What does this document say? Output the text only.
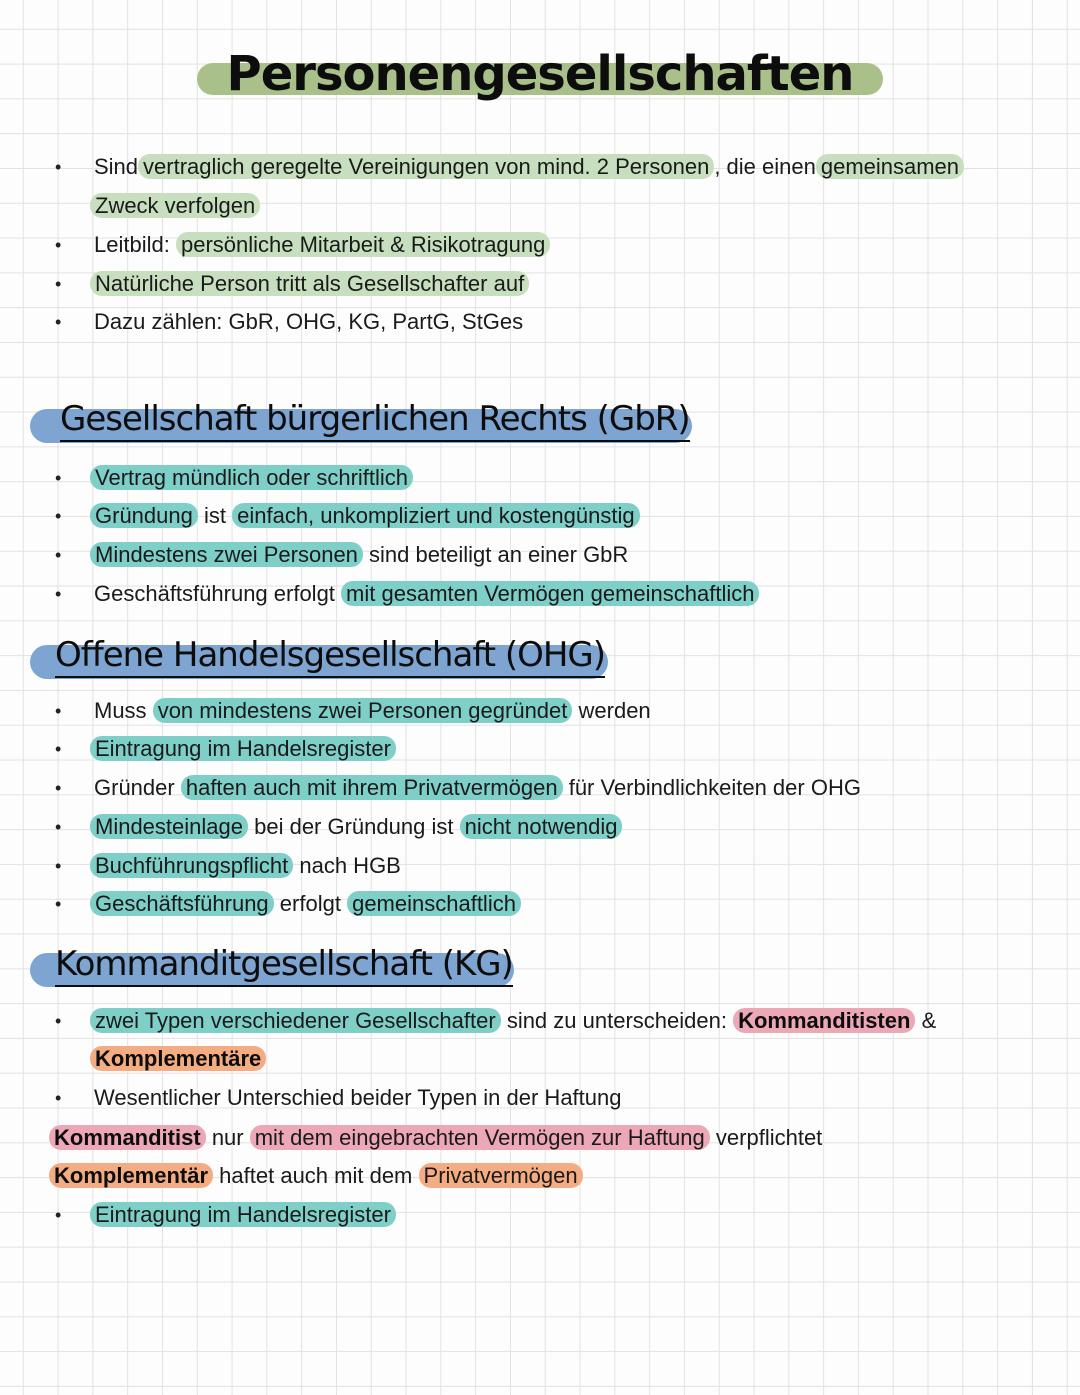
Personengesellschaften
• Sind vertraglich geregelte Vereinigungen von mind. 2 Personen , die einen gemeinsamen
Zweck verfolgen
• Leitbild: persönliche Mitarbeit & Risikotragung
• Natürliche Person tritt als Gesellschafter auf
• Dazu zählen: GbR, OHG, KG, PartG, StGes
Gesellschaft bürgerlichen Rechts (GbR)
• Vertrag mündlich oder schriftlich
• Gründung ist einfach, unkompliziert und kostengünstig
• Mindestens zwei Personen sind beteiligt an einer GbR
• Geschäftsführung erfolgt mit gesamten Vermögen gemeinschaftlich
Offene Handelsgesellschaft (OHG)
• Muss von mindestens zwei Personen gegründet werden
• Eintragung im Handelsregister
• Gründer haften auch mit ihrem Privatvermögen für Verbindlichkeiten der OHG
• Mindesteinlage bei der Gründung ist nicht notwendig
• Buchführungspflicht nach HGB
• Geschäftsführung erfolgt gemeinschaftlich
Kommanditgesellschaft (KG)
• zwei Typen verschiedener Gesellschafter sind zu unterscheiden: Kommanditisten &
Komplementäre
• Wesentlicher Unterschied beider Typen in der Haftung
Kommanditist nur mit dem eingebrachten Vermögen zur Haftung verpflichtet
Komplementär haftet auch mit dem Privatvermögen
• Eintragung im Handelsregister
